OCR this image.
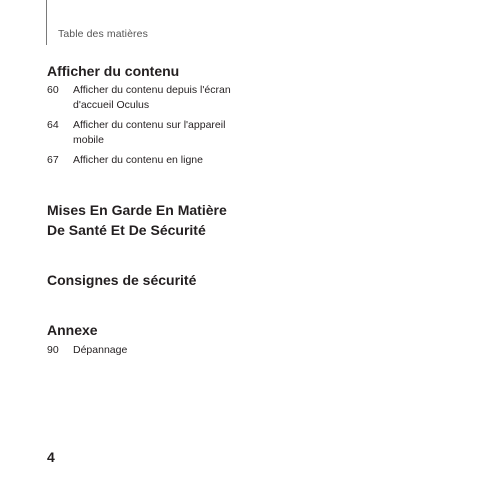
Table des matières
Afficher du contenu
60	Afficher du contenu depuis l'écran d'accueil Oculus
64	Afficher du contenu sur l'appareil mobile
67	Afficher du contenu en ligne
Mises En Garde En Matière
De Santé Et De Sécurité
Consignes de sécurité
Annexe
90	Dépannage
4
